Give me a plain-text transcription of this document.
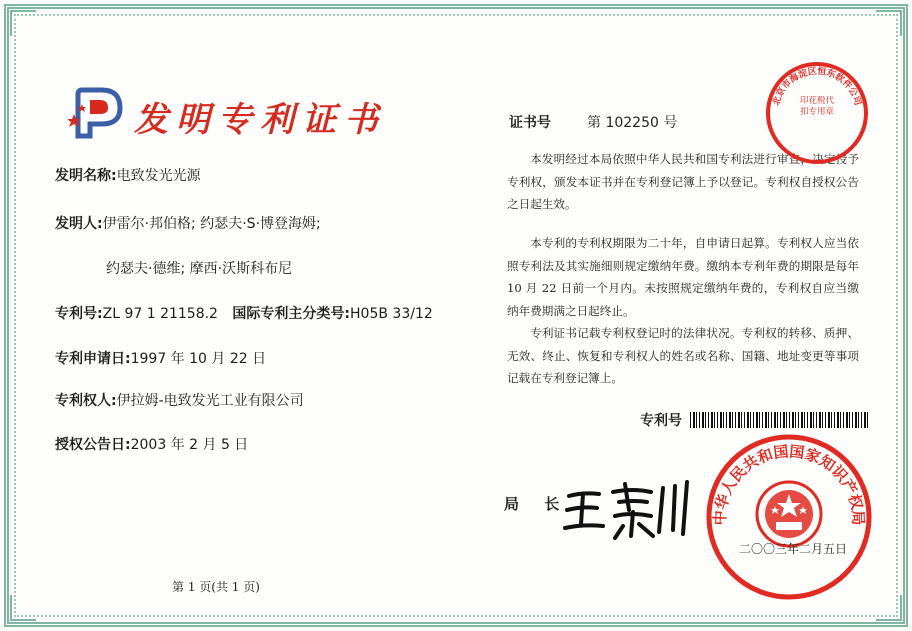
发明专利证书
发明名称:电致发光光源
发明人:伊雷尔·邦伯格; 约瑟夫·S·博登海姆;
约瑟夫·德维; 摩西·沃斯科布尼
专利号:ZL 97 1 21158.2 国际专利主分类号:H05B 33/12
专利申请日:1997 年 10 月 22 日
专利权人:伊拉姆-电致发光工业有限公司
授权公告日:2003 年 2 月 5 日
证书号	第 102250 号
本发明经过本局依照中华人民共和国专利法进行审查，决定授予专利权，颁发本证书并在专利登记簿上予以登记。专利权自授权公告之日起生效。
本专利的专利权期限为二十年，自申请日起算。专利权人应当依照专利法及其实施细则规定缴纳年费。缴纳本专利年费的期限是每年 10 月 22 日前一个月内。未按照规定缴纳年费的，专利权自应当缴纳年费期满之日起终止。
专利证书记载专利权登记时的法律状况。专利权的转移、质押、无效、终止、恢复和专利权人的姓名或名称、国籍、地址变更等事项记载在专利登记簿上。
专利号
局 长
北京市海淀区恒东软件公司
印花税代扣专用章
中华人民共和国国家知识产权局
二〇〇三年二月五日
第 1 页(共 1 页)
